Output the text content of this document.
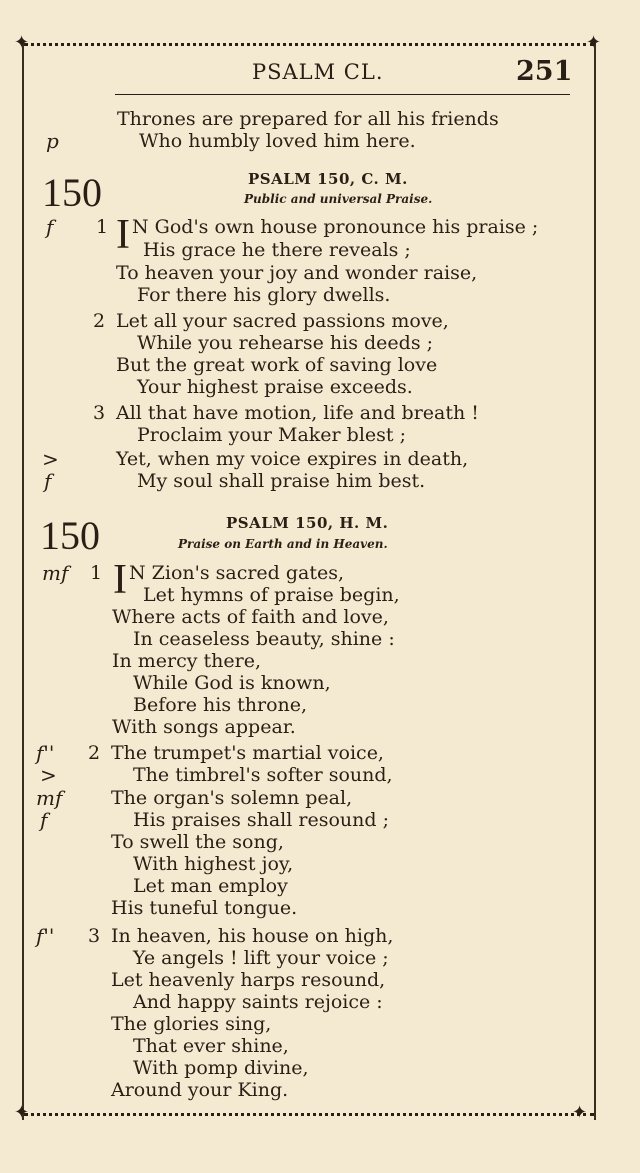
✦	✦
✦	✦
PSALM CL.	251
Thrones are prepared for all his friends
p	Who humbly loved him here.
150	PSALM 150, C. M.
Public and universal Praise.
f 1 I N God's own house pronounce his praise ;
His grace he there reveals ;
To heaven your joy and wonder raise,
For there his glory dwells.
2 Let all your sacred passions move,
While you rehearse his deeds ;
But the great work of saving love
Your highest praise exceeds.
3 All that have motion, life and breath !
Proclaim your Maker blest ;
>	Yet, when my voice expires in death,
f	My soul shall praise him best.
150	PSALM 150, H. M.
Praise on Earth and in Heaven.
mf 1 I N Zion's sacred gates,
Let hymns of praise begin,
Where acts of faith and love,
In ceaseless beauty, shine :
In mercy there,
While God is known,
Before his throne,
With songs appear.
f'' 2 The trumpet's martial voice,
>	The timbrel's softer sound,
mf	The organ's solemn peal,
f	His praises shall resound ;
To swell the song,
With highest joy,
Let man employ
His tuneful tongue.
f'' 3 In heaven, his house on high,
Ye angels ! lift your voice ;
Let heavenly harps resound,
And happy saints rejoice :
The glories sing,
That ever shine,
With pomp divine,
Around your King.
